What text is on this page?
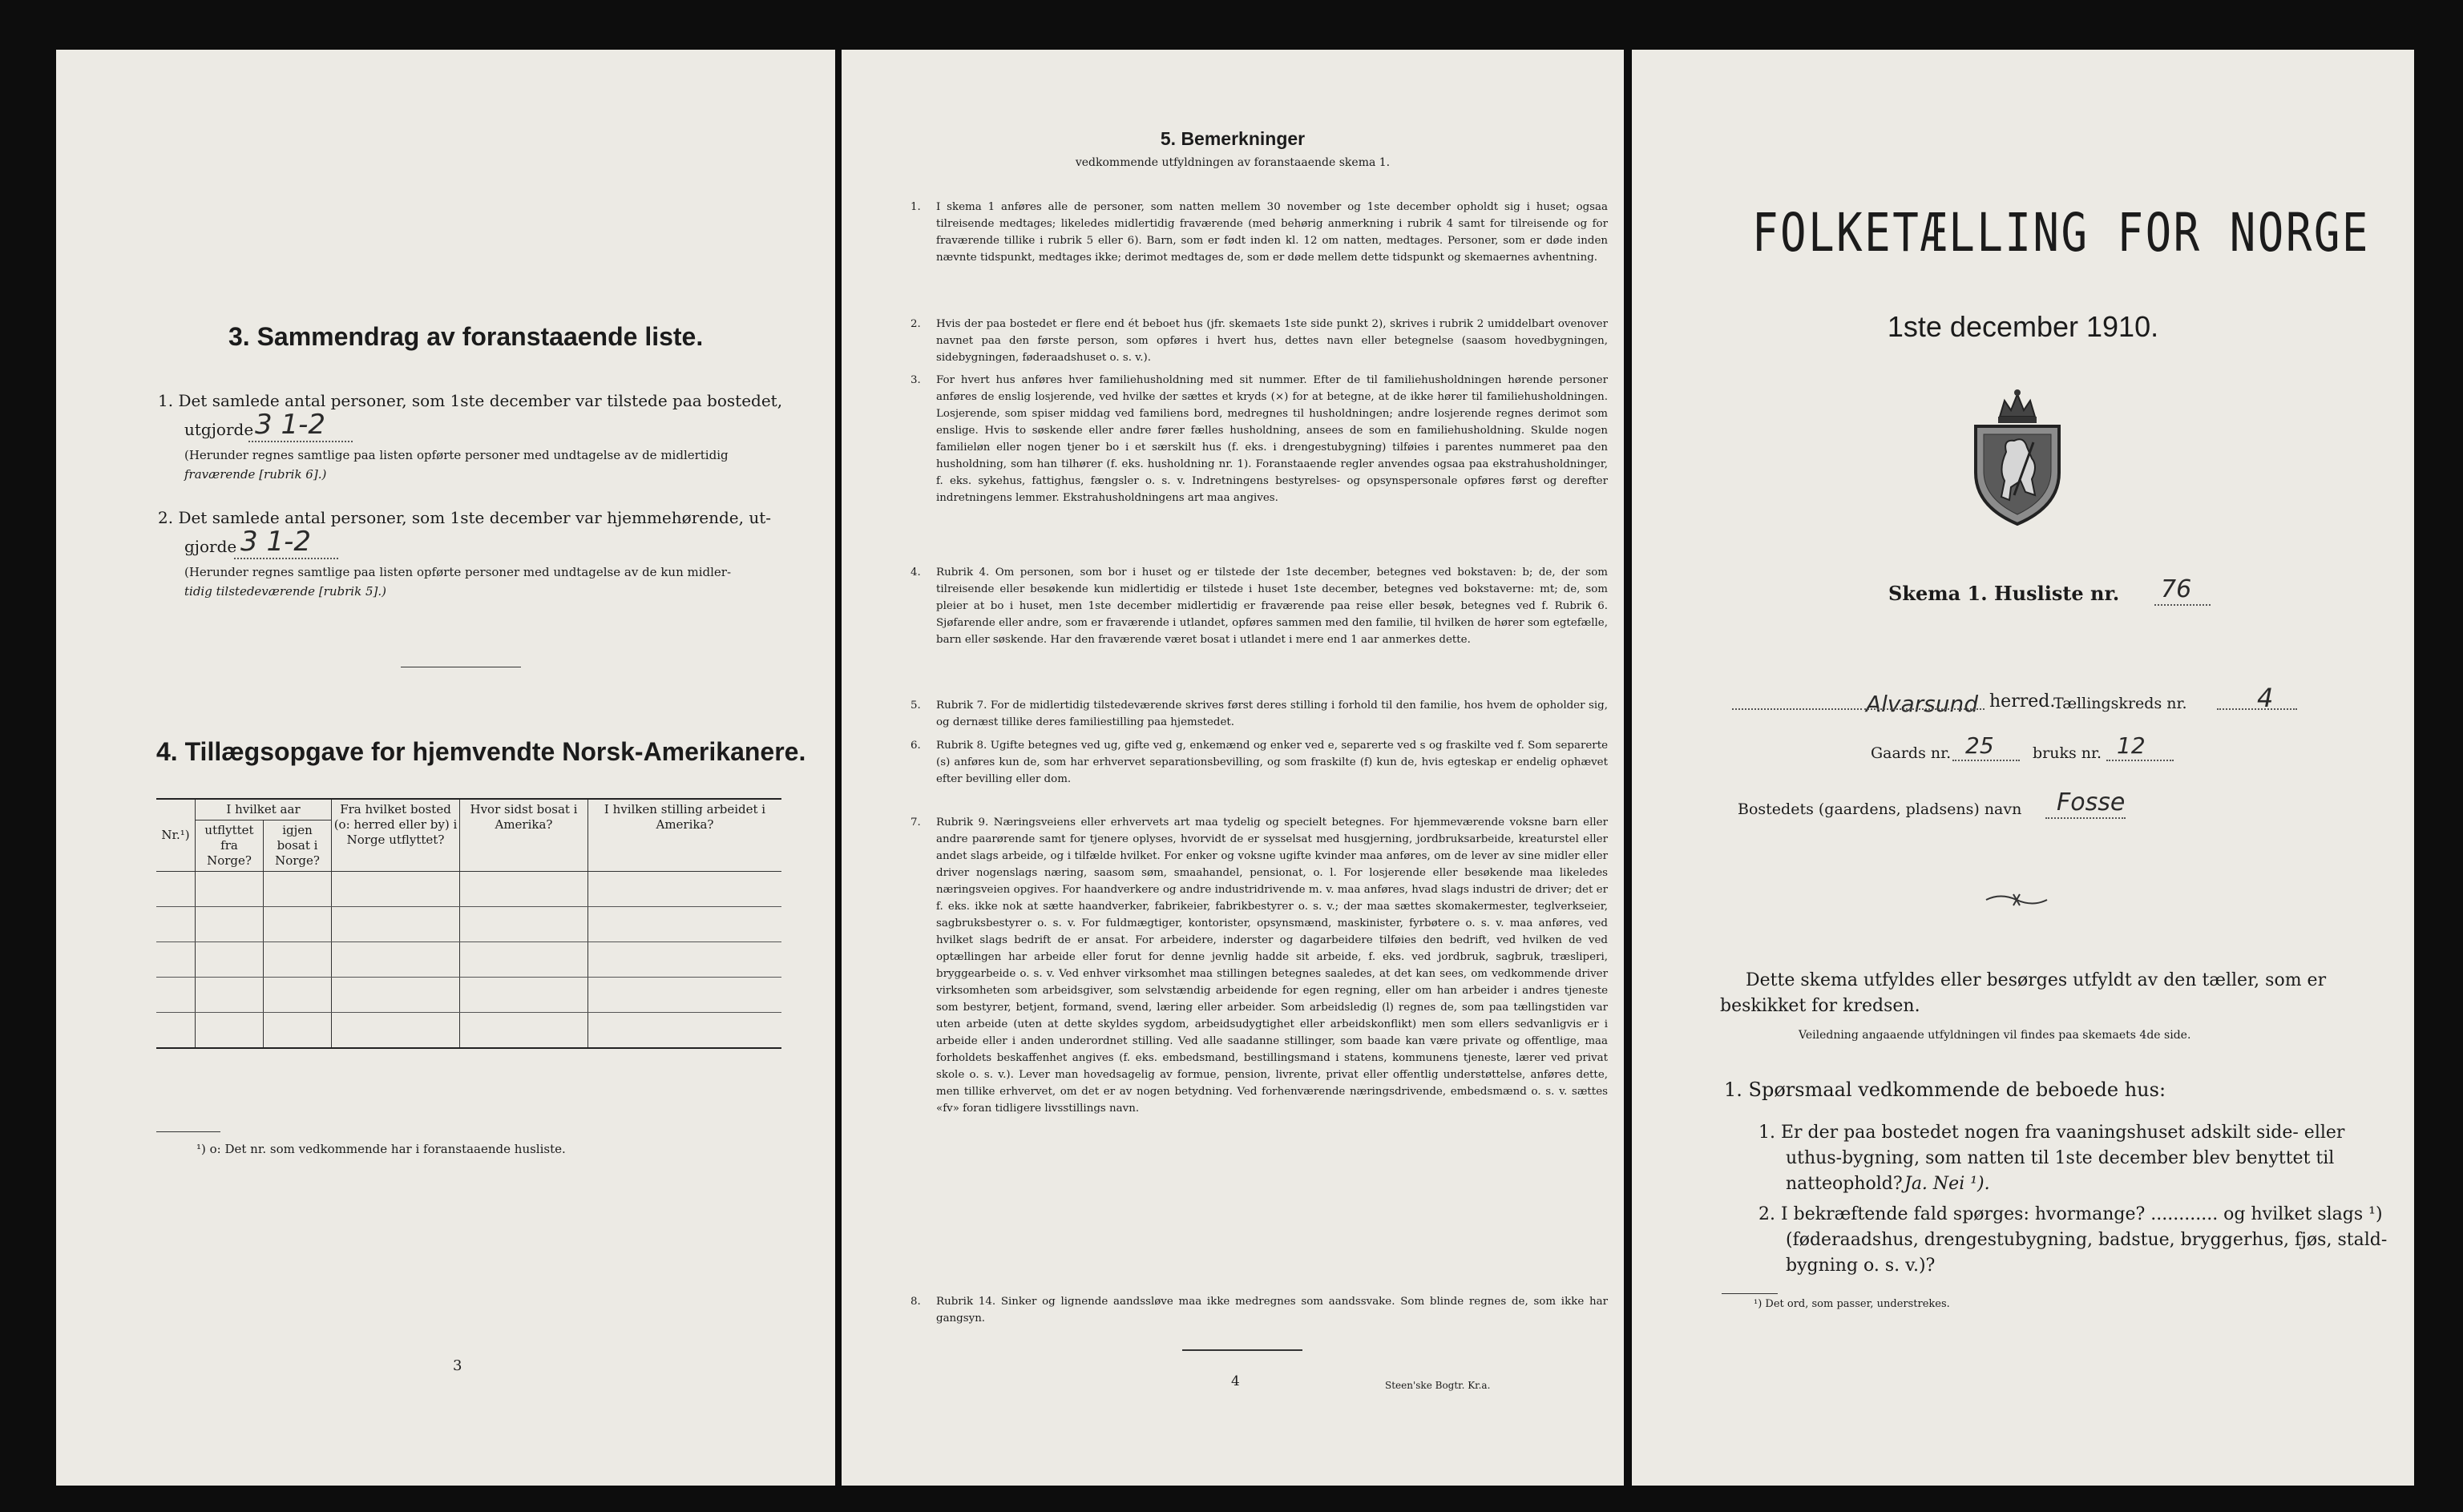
3. Sammendrag av foranstaaende liste.
1. Det samlede antal personer, som 1ste december var tilstede paa bostedet,
utgjorde 3 1-2
(Herunder regnes samtlige paa listen opførte personer med undtagelse av de midlertidig
fraværende [rubrik 6].)
2. Det samlede antal personer, som 1ste december var hjemmehørende, ut-
gjorde 3 1-2
(Herunder regnes samtlige paa listen opførte personer med undtagelse av de kun midler-
tidig tilstedeværende [rubrik 5].)
4. Tillægsopgave for hjemvendte Norsk-Amerikanere.
Nr.¹)	I hvilket aar		Fra hvilket bosted (o: herred eller by) i Norge utflyttet?	Hvor sidst bosat i Amerika?	I hvilken stilling arbeidet i Amerika?
	utflyttet fra Norge?	igjen bosat i Norge?			

¹) o: Det nr. som vedkommende har i foranstaaende husliste.
3
5. Bemerkninger
vedkommende utfyldningen av foranstaaende skema 1.
1. I skema 1 anføres alle de personer, som natten mellem 30 november og 1ste december opholdt sig i huset; ogsaa tilreisende medtages; likeledes midlertidig fraværende (med behørig anmerkning i rubrik 4 samt for tilreisende og for fraværende tillike i rubrik 5 eller 6). Barn, som er født inden kl. 12 om natten, medtages. Personer, som er døde inden nævnte tidspunkt, medtages ikke; derimot medtages de, som er døde mellem dette tidspunkt og skemaernes avhentning.
2. Hvis der paa bostedet er flere end ét beboet hus (jfr. skemaets 1ste side punkt 2), skrives i rubrik 2 umiddelbart ovenover navnet paa den første person, som opføres i hvert hus, dettes navn eller betegnelse (saasom hovedbygningen, sidebygningen, føderaadshuset o. s. v.).
3. For hvert hus anføres hver familiehusholdning med sit nummer. Efter de til familiehusholdningen hørende personer anføres de enslig losjerende, ved hvilke der sættes et kryds (×) for at betegne, at de ikke hører til familiehusholdningen. Losjerende, som spiser middag ved familiens bord, medregnes til husholdningen; andre losjerende regnes derimot som enslige. Hvis to søskende eller andre fører fælles husholdning, ansees de som en familiehusholdning. Skulde nogen familieløn eller nogen tjener bo i et særskilt hus (f. eks. i drengestubygning) tilføies i parentes nummeret paa den husholdning, som han tilhører (f. eks. husholdning nr. 1). Foranstaaende regler anvendes ogsaa paa ekstrahusholdninger, f. eks. sykehus, fattighus, fængsler o. s. v. Indretningens bestyrelses- og opsynspersonale opføres først og derefter indretningens lemmer. Ekstrahusholdningens art maa angives.
4. Rubrik 4. Om personen, som bor i huset og er tilstede der 1ste december, betegnes ved bokstaven: b; de, der som tilreisende eller besøkende kun midlertidig er tilstede i huset 1ste december, betegnes ved bokstaverne: mt; de, som pleier at bo i huset, men 1ste december midlertidig er fraværende paa reise eller besøk, betegnes ved f. Rubrik 6. Sjøfarende eller andre, som er fraværende i utlandet, opføres sammen med den familie, til hvilken de hører som egtefælle, barn eller søskende. Har den fraværende været bosat i utlandet i mere end 1 aar anmerkes dette.
5. Rubrik 7. For de midlertidig tilstedeværende skrives først deres stilling i forhold til den familie, hos hvem de opholder sig, og dernæst tillike deres familiestilling paa hjemstedet.
6. Rubrik 8. Ugifte betegnes ved ug, gifte ved g, enkemænd og enker ved e, separerte ved s og fraskilte ved f. Som separerte (s) anføres kun de, som har erhvervet separationsbevilling, og som fraskilte (f) kun de, hvis egteskap er endelig ophævet efter bevilling eller dom.
7. Rubrik 9. Næringsveiens eller erhvervets art maa tydelig og specielt betegnes. For hjemmeværende voksne barn eller andre paarørende samt for tjenere oplyses, hvorvidt de er sysselsat med husgjerning, jordbruksarbeide, kreaturstel eller andet slags arbeide, og i tilfælde hvilket. For enker og voksne ugifte kvinder maa anføres, om de lever av sine midler eller driver nogenslags næring, saasom søm, smaahandel, pensionat, o. l. For losjerende eller besøkende maa likeledes næringsveien opgives. For haandverkere og andre industridrivende m. v. maa anføres, hvad slags industri de driver; det er f. eks. ikke nok at sætte haandverker, fabrikeier, fabrikbestyrer o. s. v.; der maa sættes skomakermester, teglverkseier, sagbruksbestyrer o. s. v. For fuldmægtiger, kontorister, opsynsmænd, maskinister, fyrbøtere o. s. v. maa anføres, ved hvilket slags bedrift de er ansat. For arbeidere, inderster og dagarbeidere tilføies den bedrift, ved hvilken de ved optællingen har arbeide eller forut for denne jevnlig hadde sit arbeide, f. eks. ved jordbruk, sagbruk, træsliperi, bryggearbeide o. s. v. Ved enhver virksomhet maa stillingen betegnes saaledes, at det kan sees, om vedkommende driver virksomheten som arbeidsgiver, som selvstændig arbeidende for egen regning, eller om han arbeider i andres tjeneste som bestyrer, betjent, formand, svend, læring eller arbeider. Som arbeidsledig (l) regnes de, som paa tællingstiden var uten arbeide (uten at dette skyldes sygdom, arbeidsudygtighet eller arbeidskonflikt) men som ellers sedvanligvis er i arbeide eller i anden underordnet stilling. Ved alle saadanne stillinger, som baade kan være private og offentlige, maa forholdets beskaffenhet angives (f. eks. embedsmand, bestillingsmand i statens, kommunens tjeneste, lærer ved privat skole o. s. v.). Lever man hovedsagelig av formue, pension, livrente, privat eller offentlig understøttelse, anføres dette, men tillike erhvervet, om det er av nogen betydning. Ved forhenværende næringsdrivende, embedsmænd o. s. v. sættes «fv» foran tidligere livsstillings navn.
8. Rubrik 14. Sinker og lignende aandssløve maa ikke medregnes som aandssvake. Som blinde regnes de, som ikke har gangsyn.
4	Steen'ske Bogtr. Kr.a.
FOLKETÆLLING FOR NORGE
1ste december 1910.
Skema 1. Husliste nr. 76
Alvarsund herred.
Tællingskreds nr.	4
Gaards nr. 25	bruks nr. 12
Bostedets (gaardens, pladsens) navn Fosse
Dette skema utfyldes eller besørges utfyldt av den tæller, som er
beskikket for kredsen.
Veiledning angaaende utfyldningen vil findes paa skemaets 4de side.
1. Spørsmaal vedkommende de beboede hus:
1. Er der paa bostedet nogen fra vaaningshuset adskilt side- eller
uthus-bygning, som natten til 1ste december blev benyttet til
natteophold? Ja. Nei ¹).
2. I bekræftende fald spørges: hvormange? ............ og hvilket slags ¹)
(føderaadshus, drengestubygning, badstue, bryggerhus, fjøs, stald-
bygning o. s. v.)?
¹) Det ord, som passer, understrekes.
